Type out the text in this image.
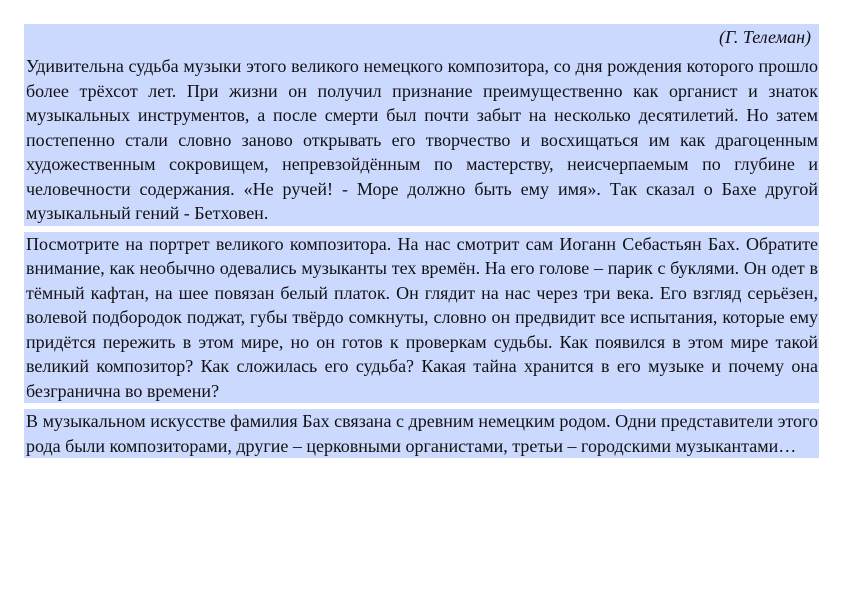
(Г. Телеман)

Удивительна судьба музыки этого великого немецкого композитора, со дня рождения которого прошло более трёхсот лет. При жизни он получил признание преимущественно как органист и знаток музыкальных инструментов, а после смерти был почти забыт на несколько десятилетий. Но затем постепенно стали словно заново открывать его творчество и восхищаться им как драгоценным художественным сокровищем, непревзойдённым по мастерству, неисчерпаемым по глубине и человечности содержания. «Не ручей! - Море должно быть ему имя». Так сказал о Бахе другой музыкальный гений - Бетховен.

Посмотрите на портрет великого композитора. На нас смотрит сам Иоганн Себастьян Бах. Обратите внимание, как необычно одевались музыканты тех времён. На его голове – парик с буклями. Он одет в тёмный кафтан, на шее повязан белый платок. Он глядит на нас через три века. Его взгляд серьёзен, волевой подбородок поджат, губы твёрдо сомкнуты, словно он предвидит все испытания, которые ему придётся пережить в этом мире, но он готов к проверкам судьбы. Как появился в этом мире такой великий композитор? Как сложилась его судьба? Какая тайна хранится в его музыке и почему она безгранична во времени?

В музыкальном искусстве фамилия Бах связана с древним немецким родом. Одни представители этого рода были композиторами, другие – церковными органистами, третьи – городскими музыкантами…
